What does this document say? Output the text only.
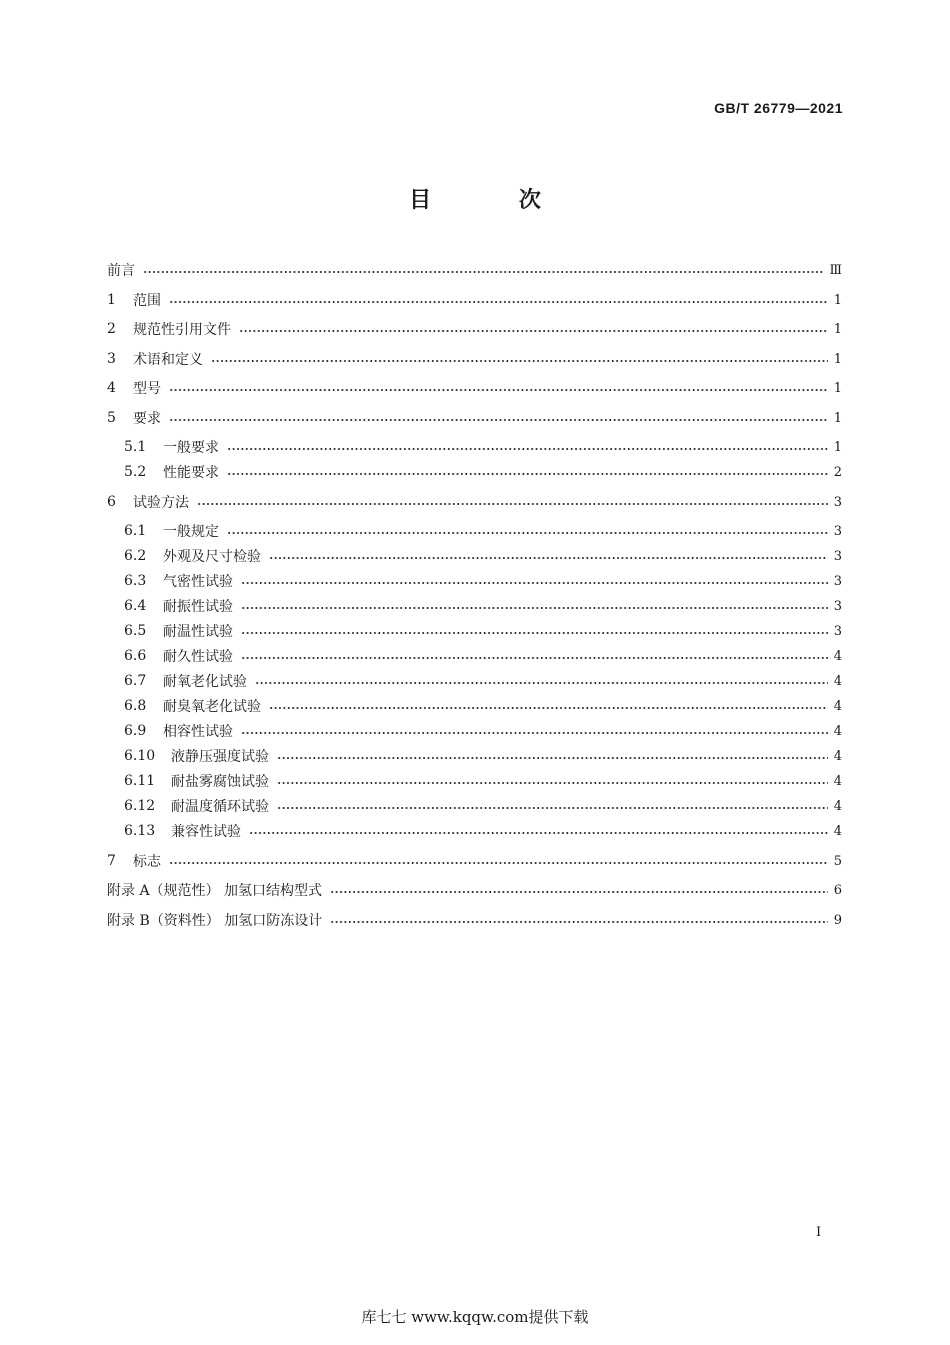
GB/T 26779—2021
目 次
前言	Ⅲ
1	范围	1
2	规范性引用文件	1
3	术语和定义	1
4	型号	1
5	要求	1
5.1	一般要求	1
5.2	性能要求	2
6	试验方法	3
6.1	一般规定	3
6.2	外观及尺寸检验	3
6.3	气密性试验	3
6.4	耐振性试验	3
6.5	耐温性试验	3
6.6	耐久性试验	4
6.7	耐氧老化试验	4
6.8	耐臭氧老化试验	4
6.9	相容性试验	4
6.10	液静压强度试验	4
6.11	耐盐雾腐蚀试验	4
6.12	耐温度循环试验	4
6.13	兼容性试验	4
7	标志	5
附录 A（规范性） 加氢口结构型式	6
附录 B（资料性） 加氢口防冻设计	9
I
库七七 www.kqqw.com提供下载
